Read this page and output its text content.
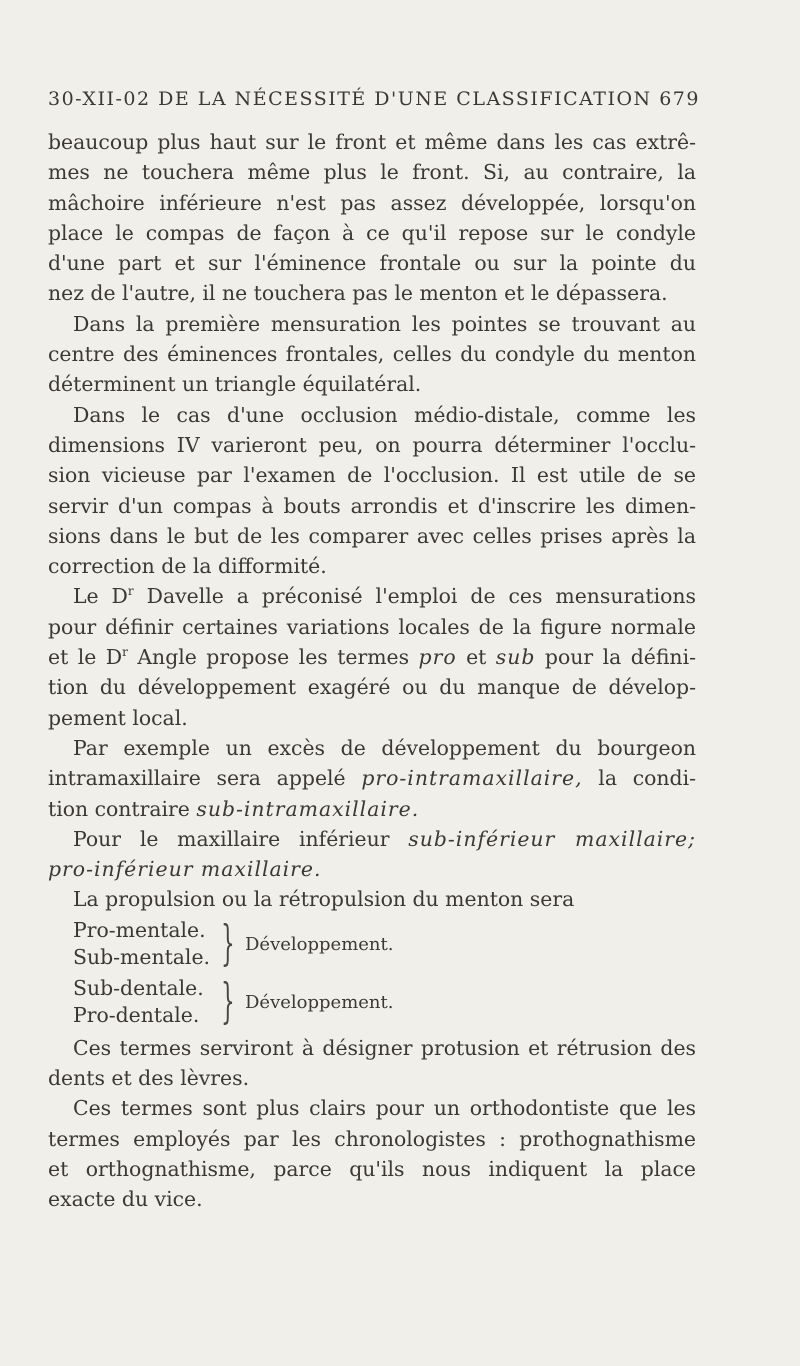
30-XII-02 DE LA NÉCESSITÉ D'UNE CLASSIFICATION 679
beaucoup plus haut sur le front et même dans les cas extrê-
mes ne touchera même plus le front. Si, au contraire, la
mâchoire inférieure n'est pas assez développée, lorsqu'on
place le compas de façon à ce qu'il repose sur le condyle
d'une part et sur l'éminence frontale ou sur la pointe du
nez de l'autre, il ne touchera pas le menton et le dépassera.
Dans la première mensuration les pointes se trouvant au
centre des éminences frontales, celles du condyle du menton
déterminent un triangle équilatéral.
Dans le cas d'une occlusion médio-distale, comme les
dimensions IV varieront peu, on pourra déterminer l'occlu-
sion vicieuse par l'examen de l'occlusion. Il est utile de se
servir d'un compas à bouts arrondis et d'inscrire les dimen-
sions dans le but de les comparer avec celles prises après la
correction de la difformité.
Le $D^r$ Davelle a préconisé l'emploi de ces mensurations
pour définir certaines variations locales de la figure normale
et le $D^r$ Angle propose les termes pro et sub pour la défini-
tion du développement exagéré ou du manque de dévelop-
pement local.
Par exemple un excès de développement du bourgeon
intramaxillaire sera appelé pro-intramaxillaire, la condi-
tion contraire sub-intramaxillaire.
Pour le maxillaire inférieur sub-inférieur maxillaire;
pro-inférieur maxillaire.
La propulsion ou la rétropulsion du menton sera
Pro-mentale.
Sub-mentale. } Développement.
Sub-dentale.
Pro-dentale. } Développement.
Ces termes serviront à désigner protusion et rétrusion des
dents et des lèvres.
Ces termes sont plus clairs pour un orthodontiste que les
termes employés par les chronologistes : prothognathisme
et orthognathisme, parce qu'ils nous indiquent la place
exacte du vice.
